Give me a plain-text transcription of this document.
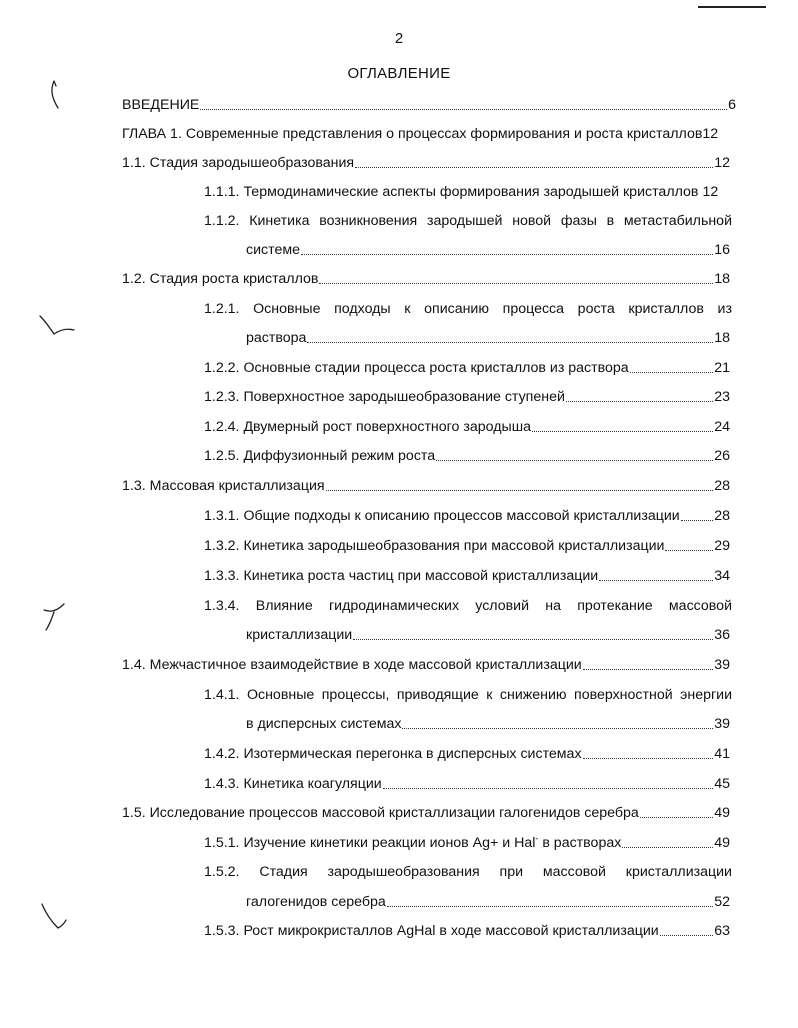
2
ОГЛАВЛЕНИЕ
ВВЕДЕНИЕ	6
ГЛАВА 1. Современные представления о процессах формирования и роста кристаллов 12
1.1. Стадия зародышеобразования	12
1.1.1. Термодинамические аспекты формирования зародышей кристаллов 12
1.1.2. Кинетика возникновения зародышей новой фазы в метастабильной
системе	16
1.2. Стадия роста кристаллов	18
1.2.1. Основные подходы к описанию процесса роста кристаллов из
раствора	18
1.2.2. Основные стадии процесса роста кристаллов из раствора	21
1.2.3. Поверхностное зародышеобразование ступеней	23
1.2.4. Двумерный рост поверхностного зародыша	24
1.2.5. Диффузионный режим роста	26
1.3. Массовая кристаллизация	28
1.3.1. Общие подходы к описанию процессов массовой кристаллизации 28
1.3.2. Кинетика зародышеобразования при массовой кристаллизации	29
1.3.3. Кинетика роста частиц при массовой кристаллизации	34
1.3.4. Влияние гидродинамических условий на протекание массовой
кристаллизации	36
1.4. Межчастичное взаимодействие в ходе массовой кристаллизации	39
1.4.1. Основные процессы, приводящие к снижению поверхностной энергии
в дисперсных системах	39
1.4.2. Изотермическая перегонка в дисперсных системах	41
1.4.3. Кинетика коагуляции	45
1.5. Исследование процессов массовой кристаллизации галогенидов серебра	49
1.5.1. Изучение кинетики реакции ионов Ag+ и Hal- в растворах	49
1.5.2. Стадия зародышеобразования при массовой кристаллизации
галогенидов серебра	52
1.5.3. Рост микрокристаллов AgHal в ходе массовой кристаллизации	63
